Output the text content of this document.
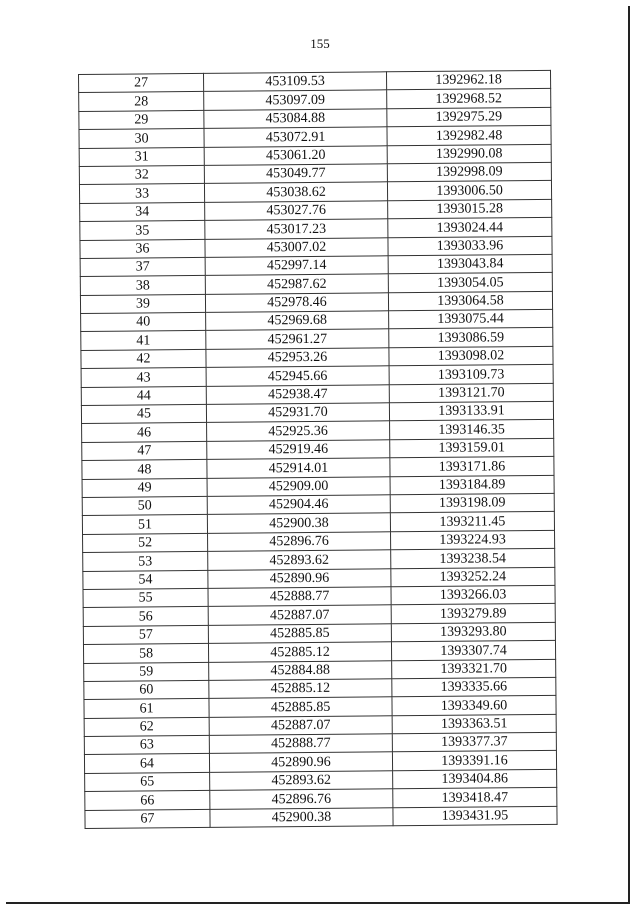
155
27	453109.53	1392962.18
28	453097.09	1392968.52
29	453084.88	1392975.29
30	453072.91	1392982.48
31	453061.20	1392990.08
32	453049.77	1392998.09
33	453038.62	1393006.50
34	453027.76	1393015.28
35	453017.23	1393024.44
36	453007.02	1393033.96
37	452997.14	1393043.84
38	452987.62	1393054.05
39	452978.46	1393064.58
40	452969.68	1393075.44
41	452961.27	1393086.59
42	452953.26	1393098.02
43	452945.66	1393109.73
44	452938.47	1393121.70
45	452931.70	1393133.91
46	452925.36	1393146.35
47	452919.46	1393159.01
48	452914.01	1393171.86
49	452909.00	1393184.89
50	452904.46	1393198.09
51	452900.38	1393211.45
52	452896.76	1393224.93
53	452893.62	1393238.54
54	452890.96	1393252.24
55	452888.77	1393266.03
56	452887.07	1393279.89
57	452885.85	1393293.80
58	452885.12	1393307.74
59	452884.88	1393321.70
60	452885.12	1393335.66
61	452885.85	1393349.60
62	452887.07	1393363.51
63	452888.77	1393377.37
64	452890.96	1393391.16
65	452893.62	1393404.86
66	452896.76	1393418.47
67	452900.38	1393431.95
